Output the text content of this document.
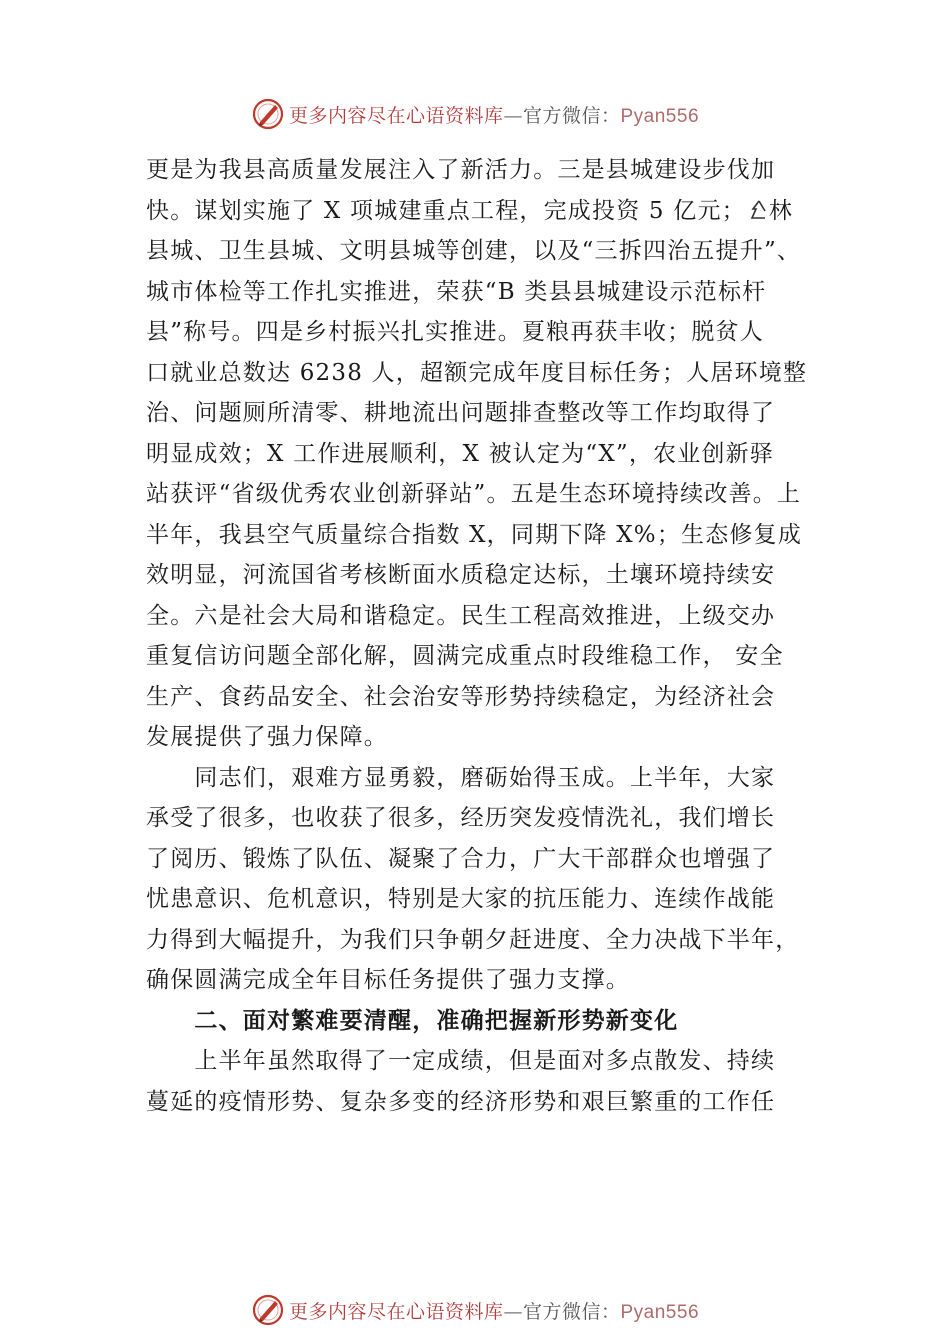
更多内容尽在心语资料库—官方微信：Pyan556
更是为我县高质量发展注入了新活力。三是县城建设步伐加
快。谋划实施了 X 项城建重点工程，完成投资 5 亿元； 林
县城、卫生县城、文明县城等创建，以及“三拆四治五提升”、
城市体检等工作扎实推进，荣获“B 类县县城建设示范标杆
县”称号。四是乡村振兴扎实推进。夏粮再获丰收；脱贫人
口就业总数达 6238 人，超额完成年度目标任务；人居环境整
治、问题厕所清零、耕地流出问题排查整改等工作均取得了
明显成效；X 工作进展顺利，X 被认定为“X”，农业创新驿
站获评“省级优秀农业创新驿站”。五是生态环境持续改善。上
半年，我县空气质量综合指数 X，同期下降 X%；生态修复成
效明显，河流国省考核断面水质稳定达标，土壤环境持续安
全。六是社会大局和谐稳定。民生工程高效推进，上级交办
重复信访问题全部化解，圆满完成重点时段维稳工作， 安全
生产、食药品安全、社会治安等形势持续稳定，为经济社会
发展提供了强力保障。
　　同志们，艰难方显勇毅，磨砺始得玉成。上半年，大家
承受了很多，也收获了很多，经历突发疫情洗礼，我们增长
了阅历、锻炼了队伍、凝聚了合力，广大干部群众也增强了
忧患意识、危机意识，特别是大家的抗压能力、连续作战能
力得到大幅提升，为我们只争朝夕赶进度、全力决战下半年，
确保圆满完成全年目标任务提供了强力支撑。
　　二、面对繁难要清醒，准确把握新形势新变化
　　上半年虽然取得了一定成绩，但是面对多点散发、持续
蔓延的疫情形势、复杂多变的经济形势和艰巨繁重的工作任
更多内容尽在心语资料库—官方微信：Pyan556
